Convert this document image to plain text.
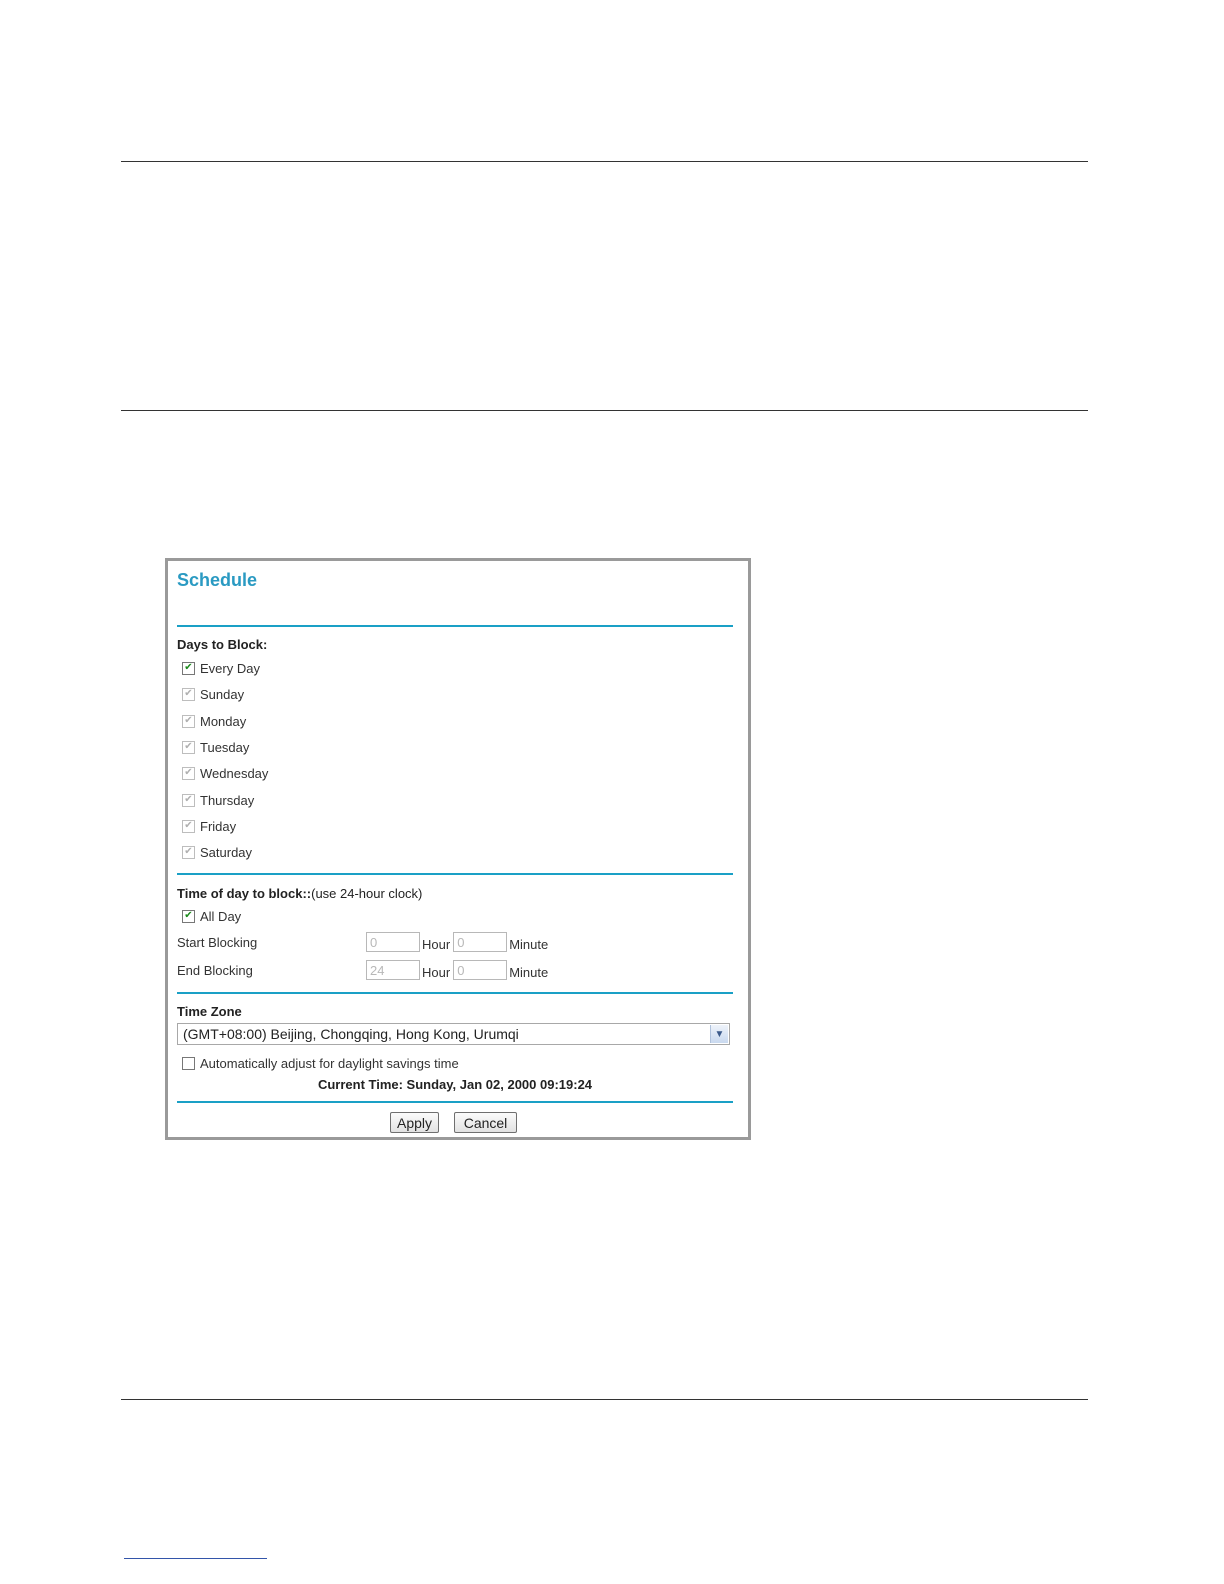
Schedule
Days to Block:
✔ Every Day
✔ Sunday
✔ Monday
✔ Tuesday
✔ Wednesday
✔ Thursday
✔ Friday
✔ Saturday
Time of day to block::(use 24-hour clock)
✔ All Day
Start Blocking
0	Hour
0	Minute
End Blocking
24	Hour
0	Minute
Time Zone
(GMT+08:00) Beijing, Chongqing, Hong Kong, Urumqi	▼
Automatically adjust for daylight savings time
Current Time: Sunday, Jan 02, 2000 09:19:24
Apply	Cancel
